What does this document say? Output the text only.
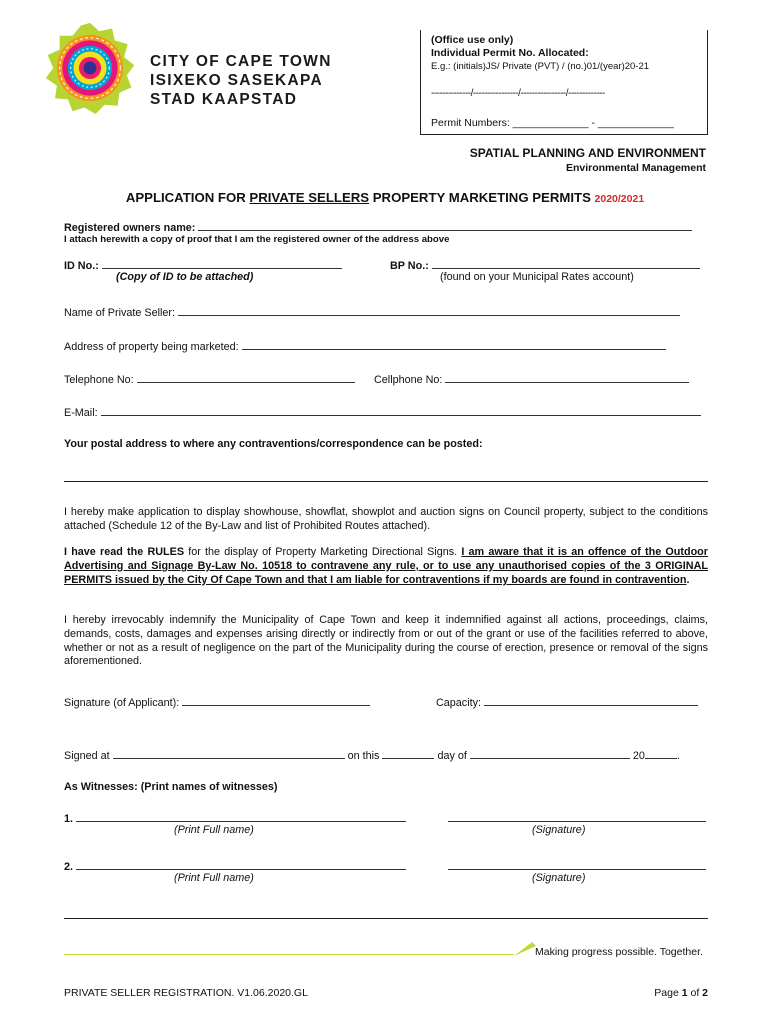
CITY OF CAPE TOWN
ISIXEKO SASEKAPA
STAD KAAPSTAD
(Office use only)
Individual Permit No. Allocated:
E.g.: (initials)JS/ Private (PVT) / (no.)01/(year)20-21
--------------/----------------/----------------/-------------
Permit Numbers: _____________ - _____________
SPATIAL PLANNING AND ENVIRONMENT
Environmental Management
APPLICATION FOR PRIVATE SELLERS PROPERTY MARKETING PERMITS 2020/2021
Registered owners name:
I attach herewith a copy of proof that I am the registered owner of the address above
ID No.:
(Copy of ID to be attached)
BP No.:
(found on your Municipal Rates account)
Name of Private Seller:
Address of property being marketed:
Telephone No:	Cellphone No:
E-Mail:
Your postal address to where any contraventions/correspondence can be posted:
I hereby make application to display showhouse, showflat, showplot and auction signs on Council property, subject to the conditions attached (Schedule 12 of the By-Law and list of Prohibited Routes attached).
I have read the RULES for the display of Property Marketing Directional Signs. I am aware that it is an offence of the Outdoor Advertising and Signage By-Law No. 10518 to contravene any rule, or to use any unauthorised copies of the 3 ORIGINAL PERMITS issued by the City Of Cape Town and that I am liable for contraventions if my boards are found in contravention.
I hereby irrevocably indemnify the Municipality of Cape Town and keep it indemnified against all actions, proceedings, claims, demands, costs, damages and expenses arising directly or indirectly from or out of the grant or use of the facilities referred to above, whether or not as a result of negligence on the part of the Municipality during the course of erection, presence or removal of the signs aforementioned.
Signature (of Applicant):	Capacity:
Signed at	on this	day of	20	.
As Witnesses: (Print names of witnesses)
1.
(Print Full name)	(Signature)
2.
(Print Full name)	(Signature)
Making progress possible. Together.
PRIVATE SELLER REGISTRATION. V1.06.2020.GL	Page 1 of 2
